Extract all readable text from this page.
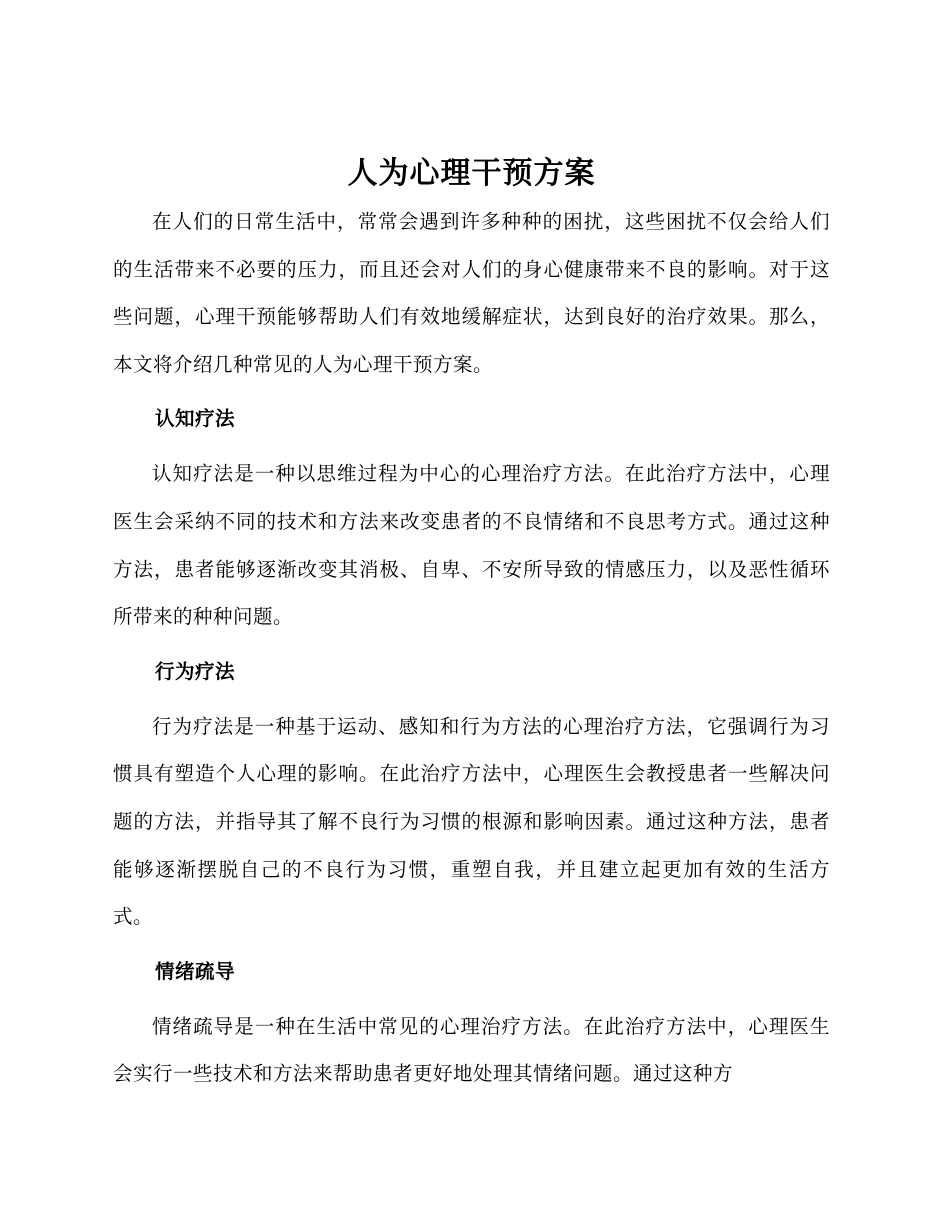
人为心理干预方案

在人们的日常生活中，常常会遇到许多种种的困扰，这些困扰不仅会给人们的生活带来不必要的压力，而且还会对人们的身心健康带来不良的影响。对于这些问题，心理干预能够帮助人们有效地缓解症状，达到良好的治疗效果。那么，本文将介绍几种常见的人为心理干预方案。

认知疗法

认知疗法是一种以思维过程为中心的心理治疗方法。在此治疗方法中，心理医生会采纳不同的技术和方法来改变患者的不良情绪和不良思考方式。通过这种方法，患者能够逐渐改变其消极、自卑、不安所导致的情感压力，以及恶性循环所带来的种种问题。

行为疗法

行为疗法是一种基于运动、感知和行为方法的心理治疗方法，它强调行为习惯具有塑造个人心理的影响。在此治疗方法中，心理医生会教授患者一些解决问题的方法，并指导其了解不良行为习惯的根源和影响因素。通过这种方法，患者能够逐渐摆脱自己的不良行为习惯，重塑自我，并且建立起更加有效的生活方式。

情绪疏导

情绪疏导是一种在生活中常见的心理治疗方法。在此治疗方法中，心理医生会实行一些技术和方法来帮助患者更好地处理其情绪问题。通过这种方
